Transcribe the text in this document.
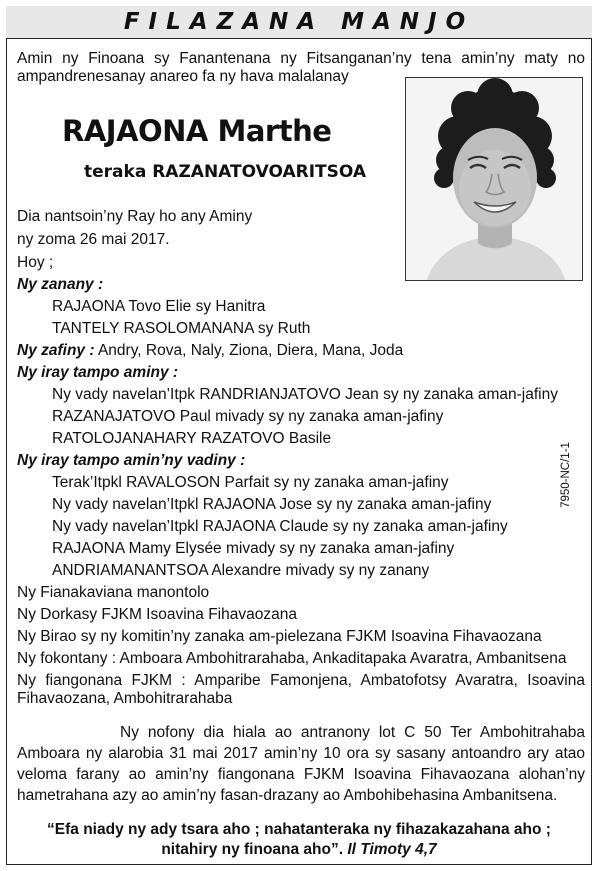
FILAZANA MANJO
Amin ny Finoana sy Fanantenana ny Fitsanganan’ny tena amin’ny maty no ampandrenesanay anareo fa ny hava malalanay
RAJAONA Marthe
teraka RAZANATOVOARITSOA
Dia nantsoin’ny Ray ho any Aminy
ny zoma 26 mai 2017.
Hoy ;
Ny zanany :
RAJAONA Tovo Elie sy Hanitra
TANTELY RASOLOMANANA sy Ruth
Ny zafiny : Andry, Rova, Naly, Ziona, Diera, Mana, Joda
Ny iray tampo aminy :
Ny vady navelan’Itpk RANDRIANJATOVO Jean sy ny zanaka aman-jafiny
RAZANAJATOVO Paul mivady sy ny zanaka aman-jafiny
RATOLOJANAHARY RAZATOVO Basile
Ny iray tampo amin’ny vadiny :
Terak’Itpkl RAVALOSON Parfait sy ny zanaka aman-jafiny
Ny vady navelan’Itpkl RAJAONA Jose sy ny zanaka aman-jafiny
Ny vady navelan’Itpkl RAJAONA Claude sy ny zanaka aman-jafiny
RAJAONA Mamy Elysée mivady sy ny zanaka aman-jafiny
ANDRIAMANANTSOA Alexandre mivady sy ny zanany
7950-NC/1-1
Ny Fianakaviana manontolo
Ny Dorkasy FJKM Isoavina Fihavaozana
Ny Birao sy ny komitin’ny zanaka am-pielezana FJKM Isoavina Fihavaozana
Ny fokontany : Amboara Ambohitrarahaba, Ankaditapaka Avaratra, Ambanitsena
Ny fiangonana FJKM : Amparibe Famonjena, Ambatofotsy Avaratra, Isoavina Fihavaozana, Ambohitrarahaba
Ny nofony dia hiala ao antranony lot C 50 Ter Ambohitrahaba Amboara ny alarobia 31 mai 2017 amin’ny 10 ora sy sasany antoandro ary atao veloma farany ao amin’ny fiangonana FJKM Isoavina Fihavaozana alohan’ny hametrahana azy ao amin’ny fasan-drazany ao Ambohibehasina Ambanitsena.
“Efa niady ny ady tsara aho ; nahatanteraka ny fihazakazahana aho ;
nitahiry ny finoana aho”. Il Timoty 4,7
